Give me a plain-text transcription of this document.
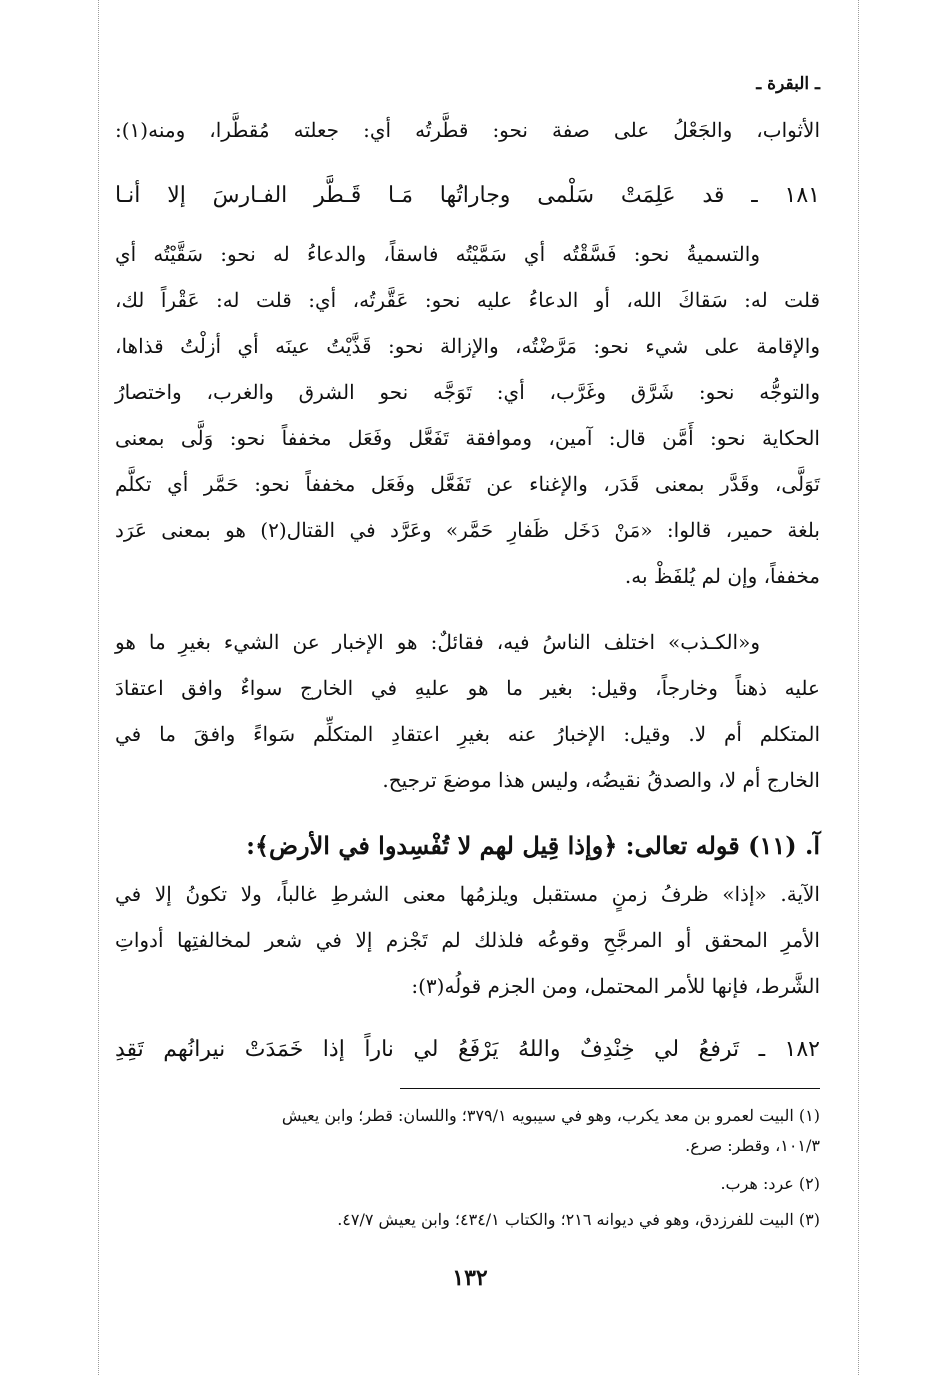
ـ البقرة ـ
الأثواب، والجَعْلُ على صفة نحو: قطَّرتُه أي: جعلته مُقطَّرا، ومنه(١):
١٨١ ـ قد عَلِمَتْ سَلْمى وجاراتُها مَـا قَـطَّر الفـارسَ إلا أنـا
والتسميةُ نحو: فَسَّقْتُه أي سَمَّيْتُه فاسقاً، والدعاءُ له نحو: سَقَّيْتُه أي
قلت له: سَقاكَ الله، أو الدعاءُ عليه نحو: عَقَّرتُه، أي: قلت له: عَقْراً لك،
والإقامة على شيء نحو: مَرَّضْتُه، والإزالة نحو: قَذَّيْتُ عينَه أي أزلْتُ قذاها،
والتوجُّه نحو: شَرَّق وغَرَّب، أي: تَوَجَّه نحو الشرق والغرب، واختصارُ
الحكاية نحو: أَمَّن قال: آمين، وموافقة تَفَعَّل وفَعَل مخففاً نحو: وَلَّى بمعنى
تَوَلَّى، وقَدَّر بمعنى قَدَر، والإغناء عن تَفَعَّل وفَعَل مخففاً نحو: حَمَّر أي تكلَّم
بلغة حمير، قالوا: «مَنْ دَخَل ظَفارِ حَمَّر» وعَرَّد في القتال(٢) هو بمعنى عَرَد
مخففاً، وإن لم يُلفَظْ به.
و«الكـذب» اختلف الناسُ فيه، فقائلٌ: هو الإخبار عن الشيء بغيرِ ما هو
عليه ذهناً وخارجاً، وقيل: بغير ما هو عليهِ في الخارج سواءٌ وافق اعتقادَ
المتكلم أم لا. وقيل: الإخبارُ عنه بغيرِ اعتقادِ المتكلِّم سَواءً وافقَ ما في
الخارج أم لا، والصدقُ نقيضُه، وليس هذا موضعَ ترجيح.
آ. (١١) قوله تعالى: ﴿وإذا قِيل لهم لا تُفْسِدوا في الأرض﴾:
الآية. «إذا» ظرفُ زمنٍ مستقبل ويلزمُها معنى الشرطِ غالباً، ولا تكونُ إلا في
الأمرِ المحقق أو المرجَّحِ وقوعُه فلذلك لم تَجْزم إلا في شعر لمخالفتِها أدواتِ
الشَّرط، فإنها للأمر المحتمل، ومن الجزم قولُه(٣):
١٨٢ ـ تَرفعُ لي خِنْدِفٌ واللهُ يَرْفَعُ لي ناراً إذا خَمَدَتْ نيرانُهم تَقِدِ
(١) البيت لعمرو بن معد يكرب، وهو في سيبويه ٣٧٩/١؛ واللسان: قطر؛ وابن يعيش
١٠١/٣، وقطر: صرع.
(٢) عرد: هرب.
(٣) البيت للفرزدق، وهو في ديوانه ٢١٦؛ والكتاب ٤٣٤/١؛ وابن يعيش ٤٧/٧.
١٣٢
